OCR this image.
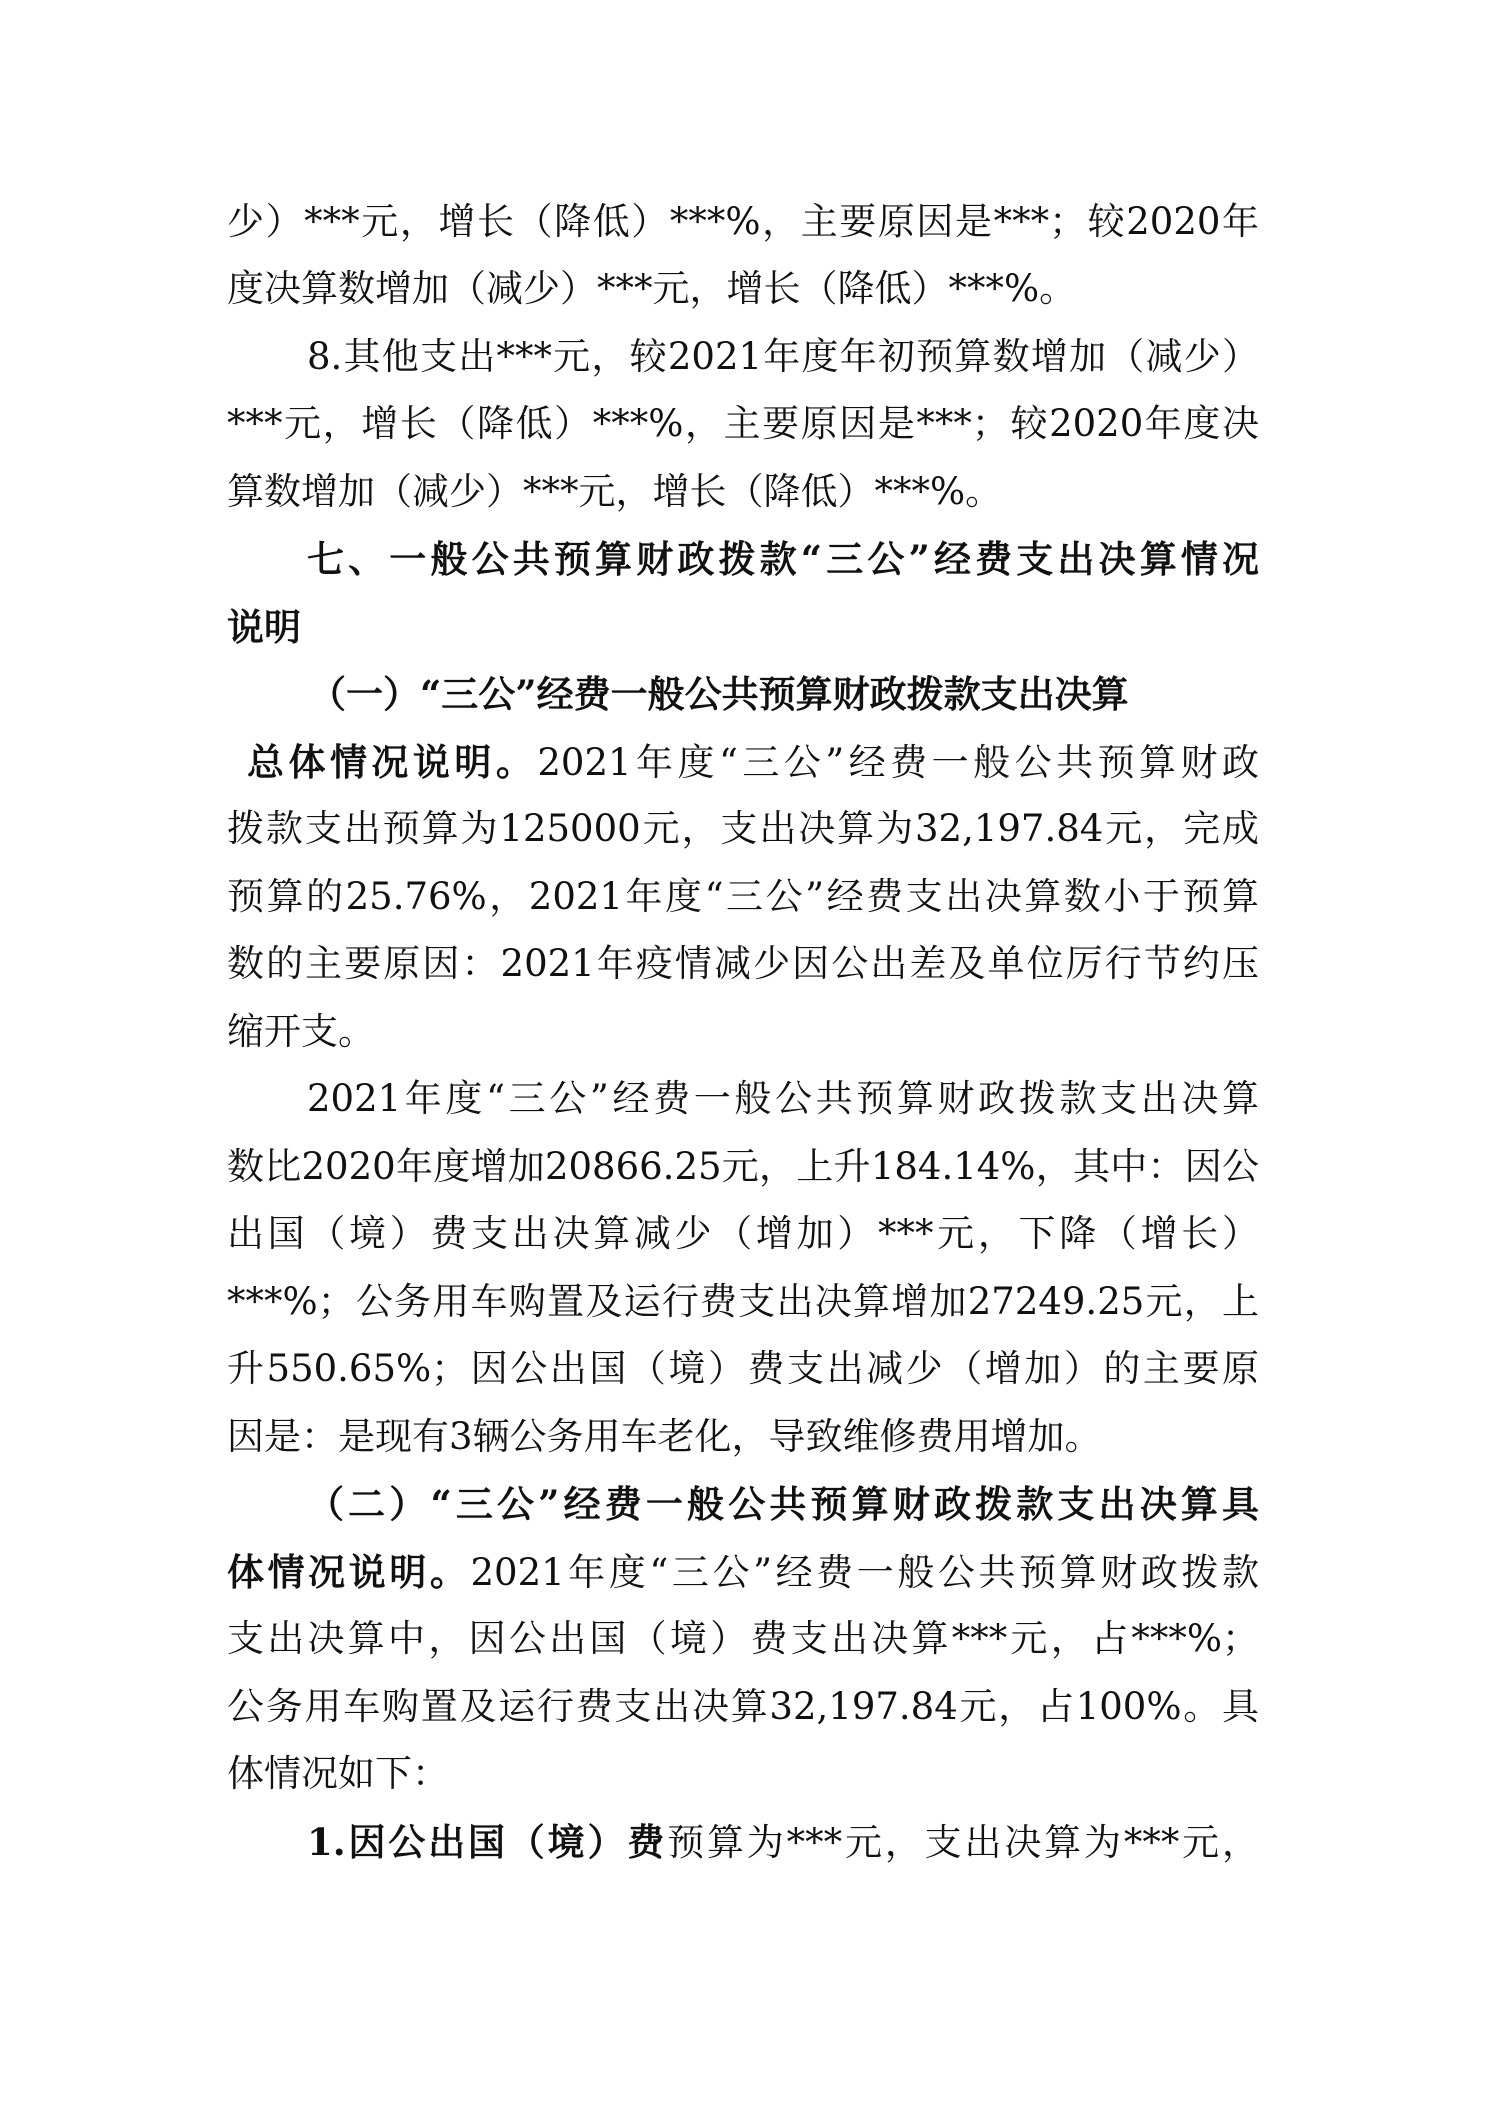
少）***元，增长（降低）***%，主要原因是***；较2020年
度决算数增加（减少）***元，增长（降低）***%。
8.其他支出***元，较2021年度年初预算数增加（减少）
***元，增长（降低）***%，主要原因是***；较2020年度决
算数增加（减少）***元，增长（降低）***%。
七、一般公共预算财政拨款“三公”经费支出决算情况
说明
（一）“三公”经费一般公共预算财政拨款支出决算
总体情况说明。2021年度“三公”经费一般公共预算财政
拨款支出预算为125000元，支出决算为32,197.84元，完成
预算的25.76%，2021年度“三公”经费支出决算数小于预算
数的主要原因：2021年疫情减少因公出差及单位厉行节约压
缩开支。
2021年度“三公”经费一般公共预算财政拨款支出决算
数比2020年度增加20866.25元，上升184.14%，其中：因公
出国（境）费支出决算减少（增加）***元，下降（增长）
***%；公务用车购置及运行费支出决算增加27249.25元，上
升550.65%；因公出国（境）费支出减少（增加）的主要原
因是：是现有3辆公务用车老化，导致维修费用增加。
（二）“三公”经费一般公共预算财政拨款支出决算具
体情况说明。2021年度“三公”经费一般公共预算财政拨款
支出决算中，因公出国（境）费支出决算***元，占***%；
公务用车购置及运行费支出决算32,197.84元，占100%。具
体情况如下：
1.因公出国（境）费预算为***元，支出决算为***元，
